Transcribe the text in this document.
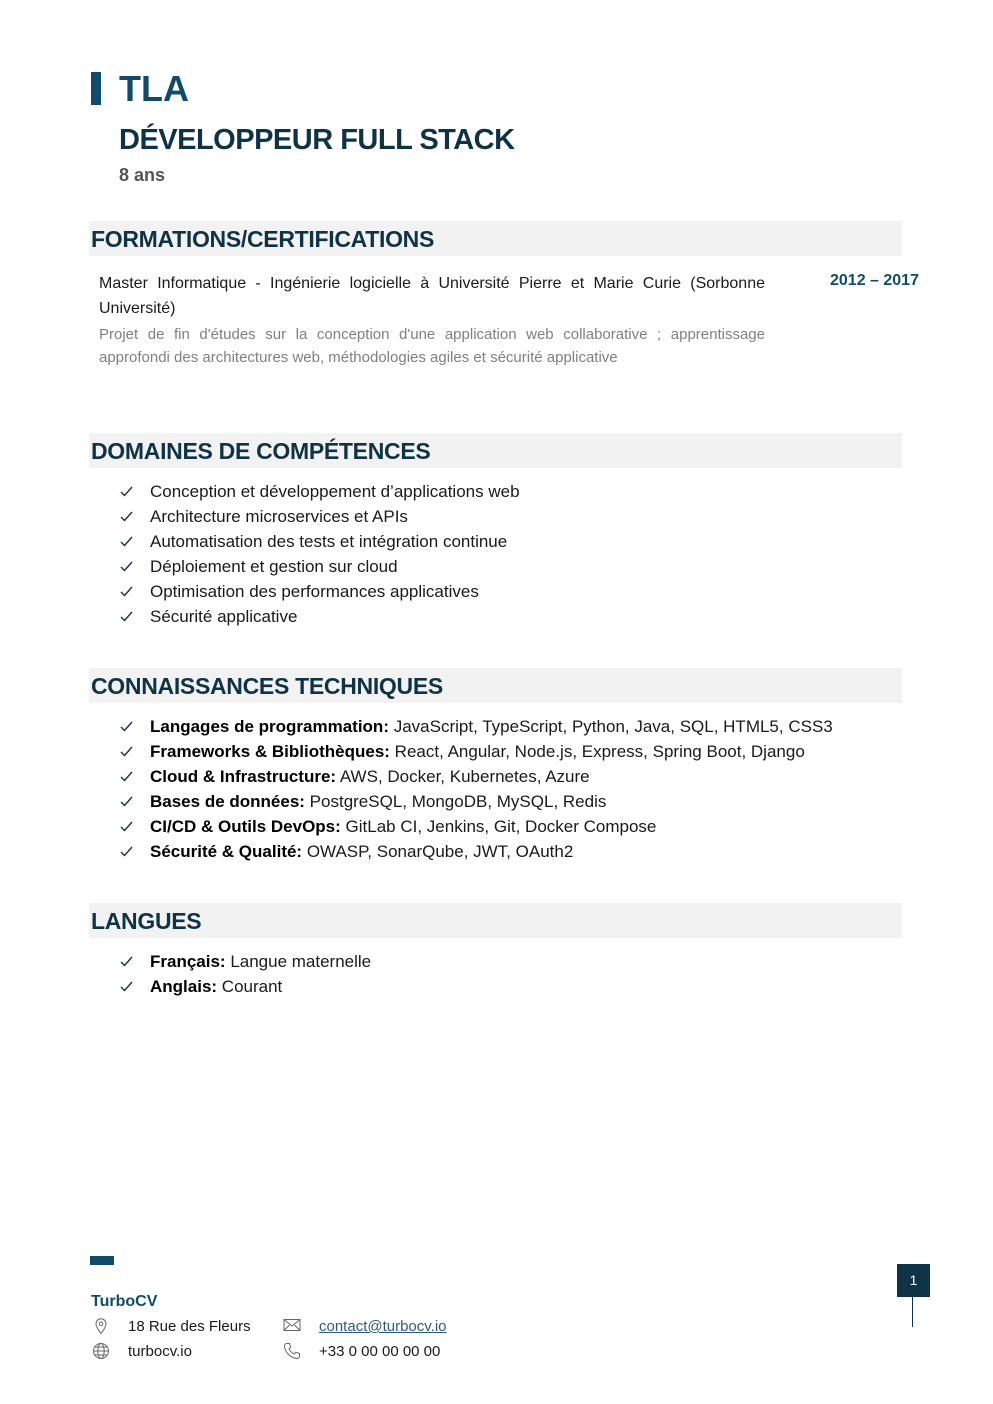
TLA
DÉVELOPPEUR FULL STACK
8 ans
FORMATIONS/CERTIFICATIONS
Master Informatique - Ingénierie logicielle à Université Pierre et Marie Curie (Sorbonne Université)
2012 – 2017
Projet de fin d'études sur la conception d'une application web collaborative ; apprentissage approfondi des architectures web, méthodologies agiles et sécurité applicative
DOMAINES DE COMPÉTENCES
Conception et développement d’applications web
Architecture microservices et APIs
Automatisation des tests et intégration continue
Déploiement et gestion sur cloud
Optimisation des performances applicatives
Sécurité applicative
CONNAISSANCES TECHNIQUES
Langages de programmation: JavaScript, TypeScript, Python, Java, SQL, HTML5, CSS3
Frameworks & Bibliothèques: React, Angular, Node.js, Express, Spring Boot, Django
Cloud & Infrastructure: AWS, Docker, Kubernetes, Azure
Bases de données: PostgreSQL, MongoDB, MySQL, Redis
CI/CD & Outils DevOps: GitLab CI, Jenkins, Git, Docker Compose
Sécurité & Qualité: OWASP, SonarQube, JWT, OAuth2
LANGUES
Français: Langue maternelle
Anglais: Courant
TurboCV
18 Rue des Fleurs
turbocv.io
contact@turbocv.io
+33 0 00 00 00 00
1
